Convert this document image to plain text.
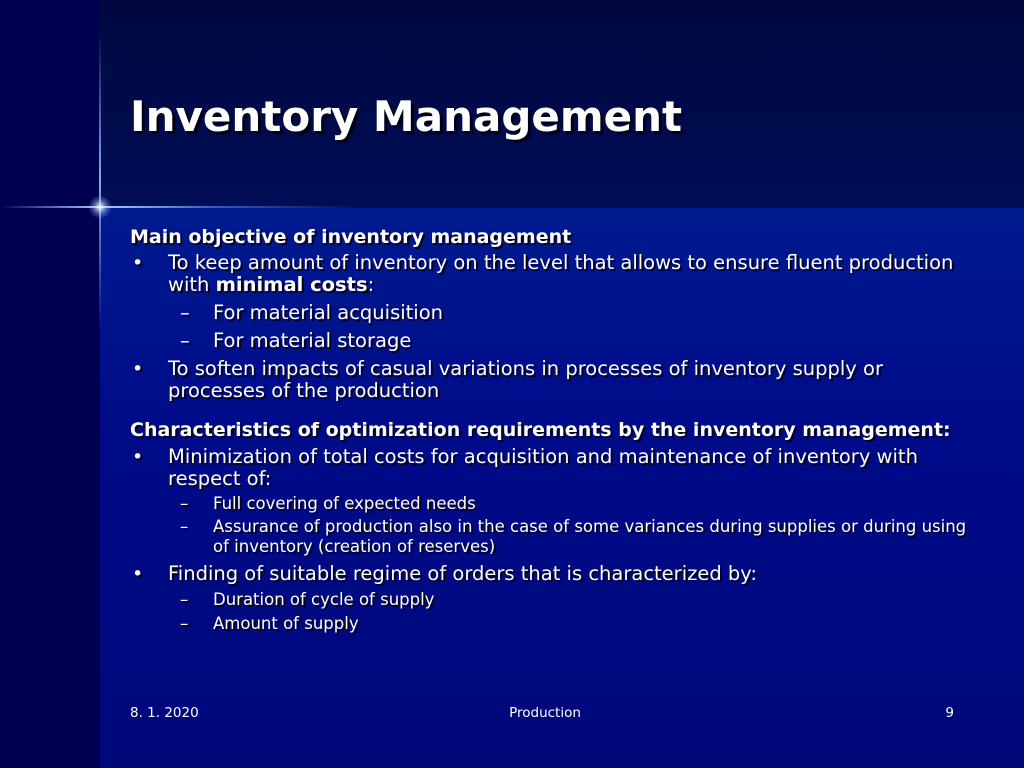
Inventory Management
Main objective of inventory management
• To keep amount of inventory on the level that allows to ensure fluent production with minimal costs:
– For material acquisition
– For material storage
• To soften impacts of casual variations in processes of inventory supply or processes of the production
Characteristics of optimization requirements by the inventory management:
• Minimization of total costs for acquisition and maintenance of inventory with respect of:
– Full covering of expected needs
– Assurance of production also in the case of some variances during supplies or during using of inventory (creation of reserves)
• Finding of suitable regime of orders that is characterized by:
– Duration of cycle of supply
– Amount of supply
8. 1. 2020	Production	9
